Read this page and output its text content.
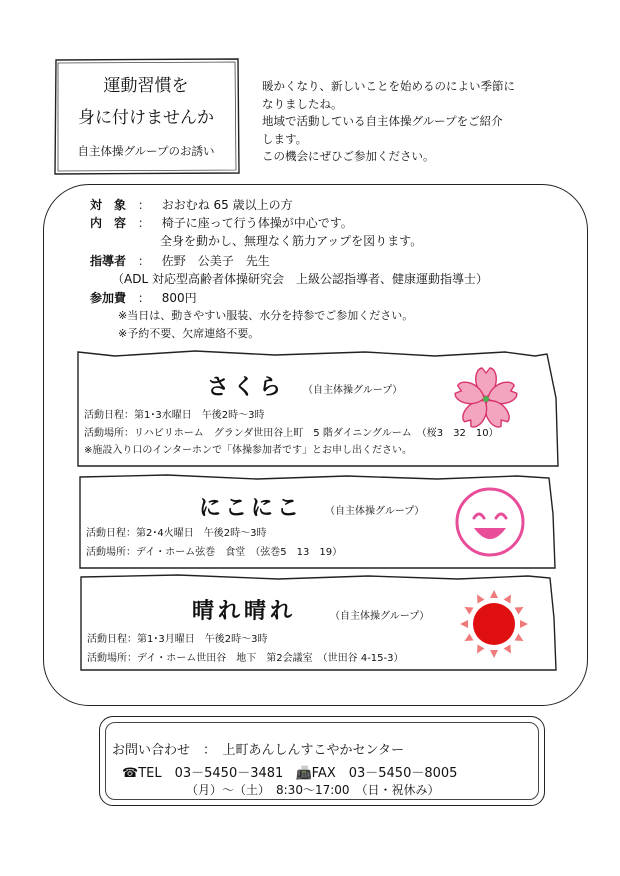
運動習慣を
身に付けませんか
自主体操グループのお誘い
暖かくなり、新しいことを始めるのによい季節に
なりましたね。
地域で活動している自主体操グループをご紹介
します。
この機会にぜひご参加ください。
対　象 ： おおむね 65 歳以上の方
内　容 ： 椅子に座って行う体操が中心です。
全身を動かし、無理なく筋力アップを図ります。
指導者 ： 佐野　公美子　先生
（ADL 対応型高齢者体操研究会　上級公認指導者、健康運動指導士）
参加費 ： 800円
※当日は、動きやすい服装、水分を持参でご参加ください。
※予約不要、欠席連絡不要。
さくら （自主体操グループ）
活動日程：第1･3水曜日　午後2時～3時
活動場所：リハビリホーム　グランダ世田谷上町　5 階ダイニングルーム　（桜3　32　10）
※施設入り口のインターホンで「体操参加者です」とお申し出ください。
にこにこ （自主体操グループ）
活動日程：第2･4火曜日　午後2時～3時
活動場所：デイ・ホーム弦巻　食堂　（弦巻5　13　19）
晴れ晴れ	（自主体操グループ）
活動日程：第1･3月曜日　午後2時～3時
活動場所：デイ・ホーム世田谷　地下　第2会議室　（世田谷 4-15-3）
お問い合わせ　：　上町あんしんすこやかセンター
☎TEL　03－5450－3481 📠FAX　03－5450－8005
（月）～（土）　8:30～17:00　（日・祝休み）
